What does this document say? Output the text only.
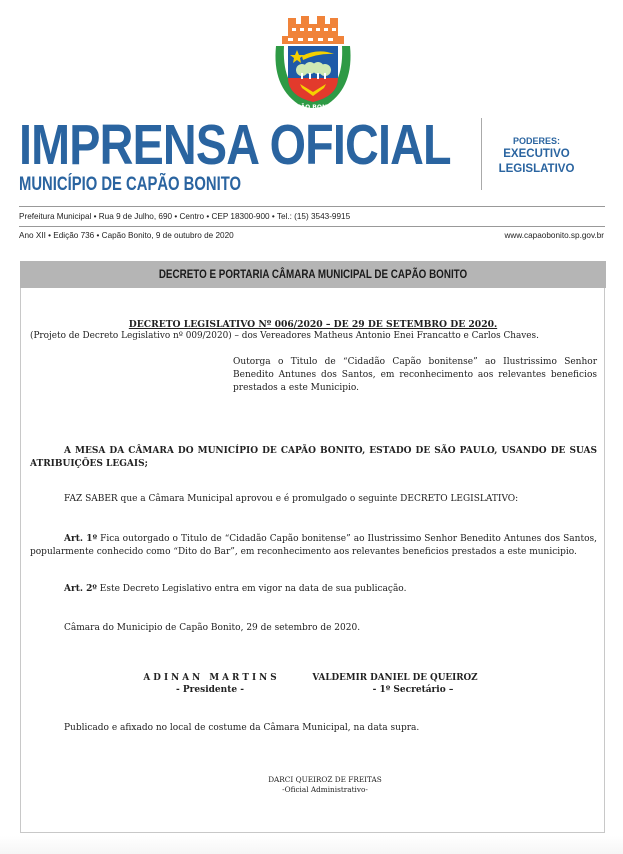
CAPÃO BONITO
IMPRENSA OFICIAL
MUNICÍPIO DE CAPÃO BONITO
PODERES:
EXECUTIVO
LEGISLATIVO
Prefeitura Municipal • Rua 9 de Julho, 690 • Centro • CEP 18300-900 • Tel.: (15) 3543-9915
Ano XII • Edição 736 • Capão Bonito, 9 de outubro de 2020	www.capaobonito.sp.gov.br
DECRETO E PORTARIA CÂMARA MUNICIPAL DE CAPÃO BONITO
DECRETO LEGISLATIVO Nº 006/2020 – DE 29 DE SETEMBRO DE 2020.
(Projeto de Decreto Legislativo nº 009/2020) – dos Vereadores Matheus Antonio Enei Francatto e Carlos Chaves.
Outorga o Titulo de “Cidadão Capão bonitense” ao Ilustrissimo Senhor Benedito Antunes dos Santos, em reconhecimento aos relevantes beneficios prestados a este Municipio.
A MESA DA CÂMARA DO MUNICÍPIO DE CAPÃO BONITO, ESTADO DE SÃO PAULO, USANDO DE SUAS ATRIBUIÇÕES LEGAIS;
FAZ SABER que a Câmara Municipal aprovou e é promulgado o seguinte DECRETO LEGISLATIVO:
Art. 1º Fica outorgado o Titulo de “Cidadão Capão bonitense” ao Ilustrissimo Senhor Benedito Antunes dos Santos, popularmente conhecido como “Dito do Bar”, em reconhecimento aos relevantes beneficios prestados a este municipio.
Art. 2º Este Decreto Legislativo entra em vigor na data de sua publicação.
Câmara do Municipio de Capão Bonito, 29 de setembro de 2020.
A D I N A N   M A R T I N S
- Presidente -
VALDEMIR DANIEL DE QUEIROZ
- 1º Secretário –
Publicado e afixado no local de costume da Câmara Municipal, na data supra.
DARCI QUEIROZ DE FREITAS
-Oficial Administrativo-
